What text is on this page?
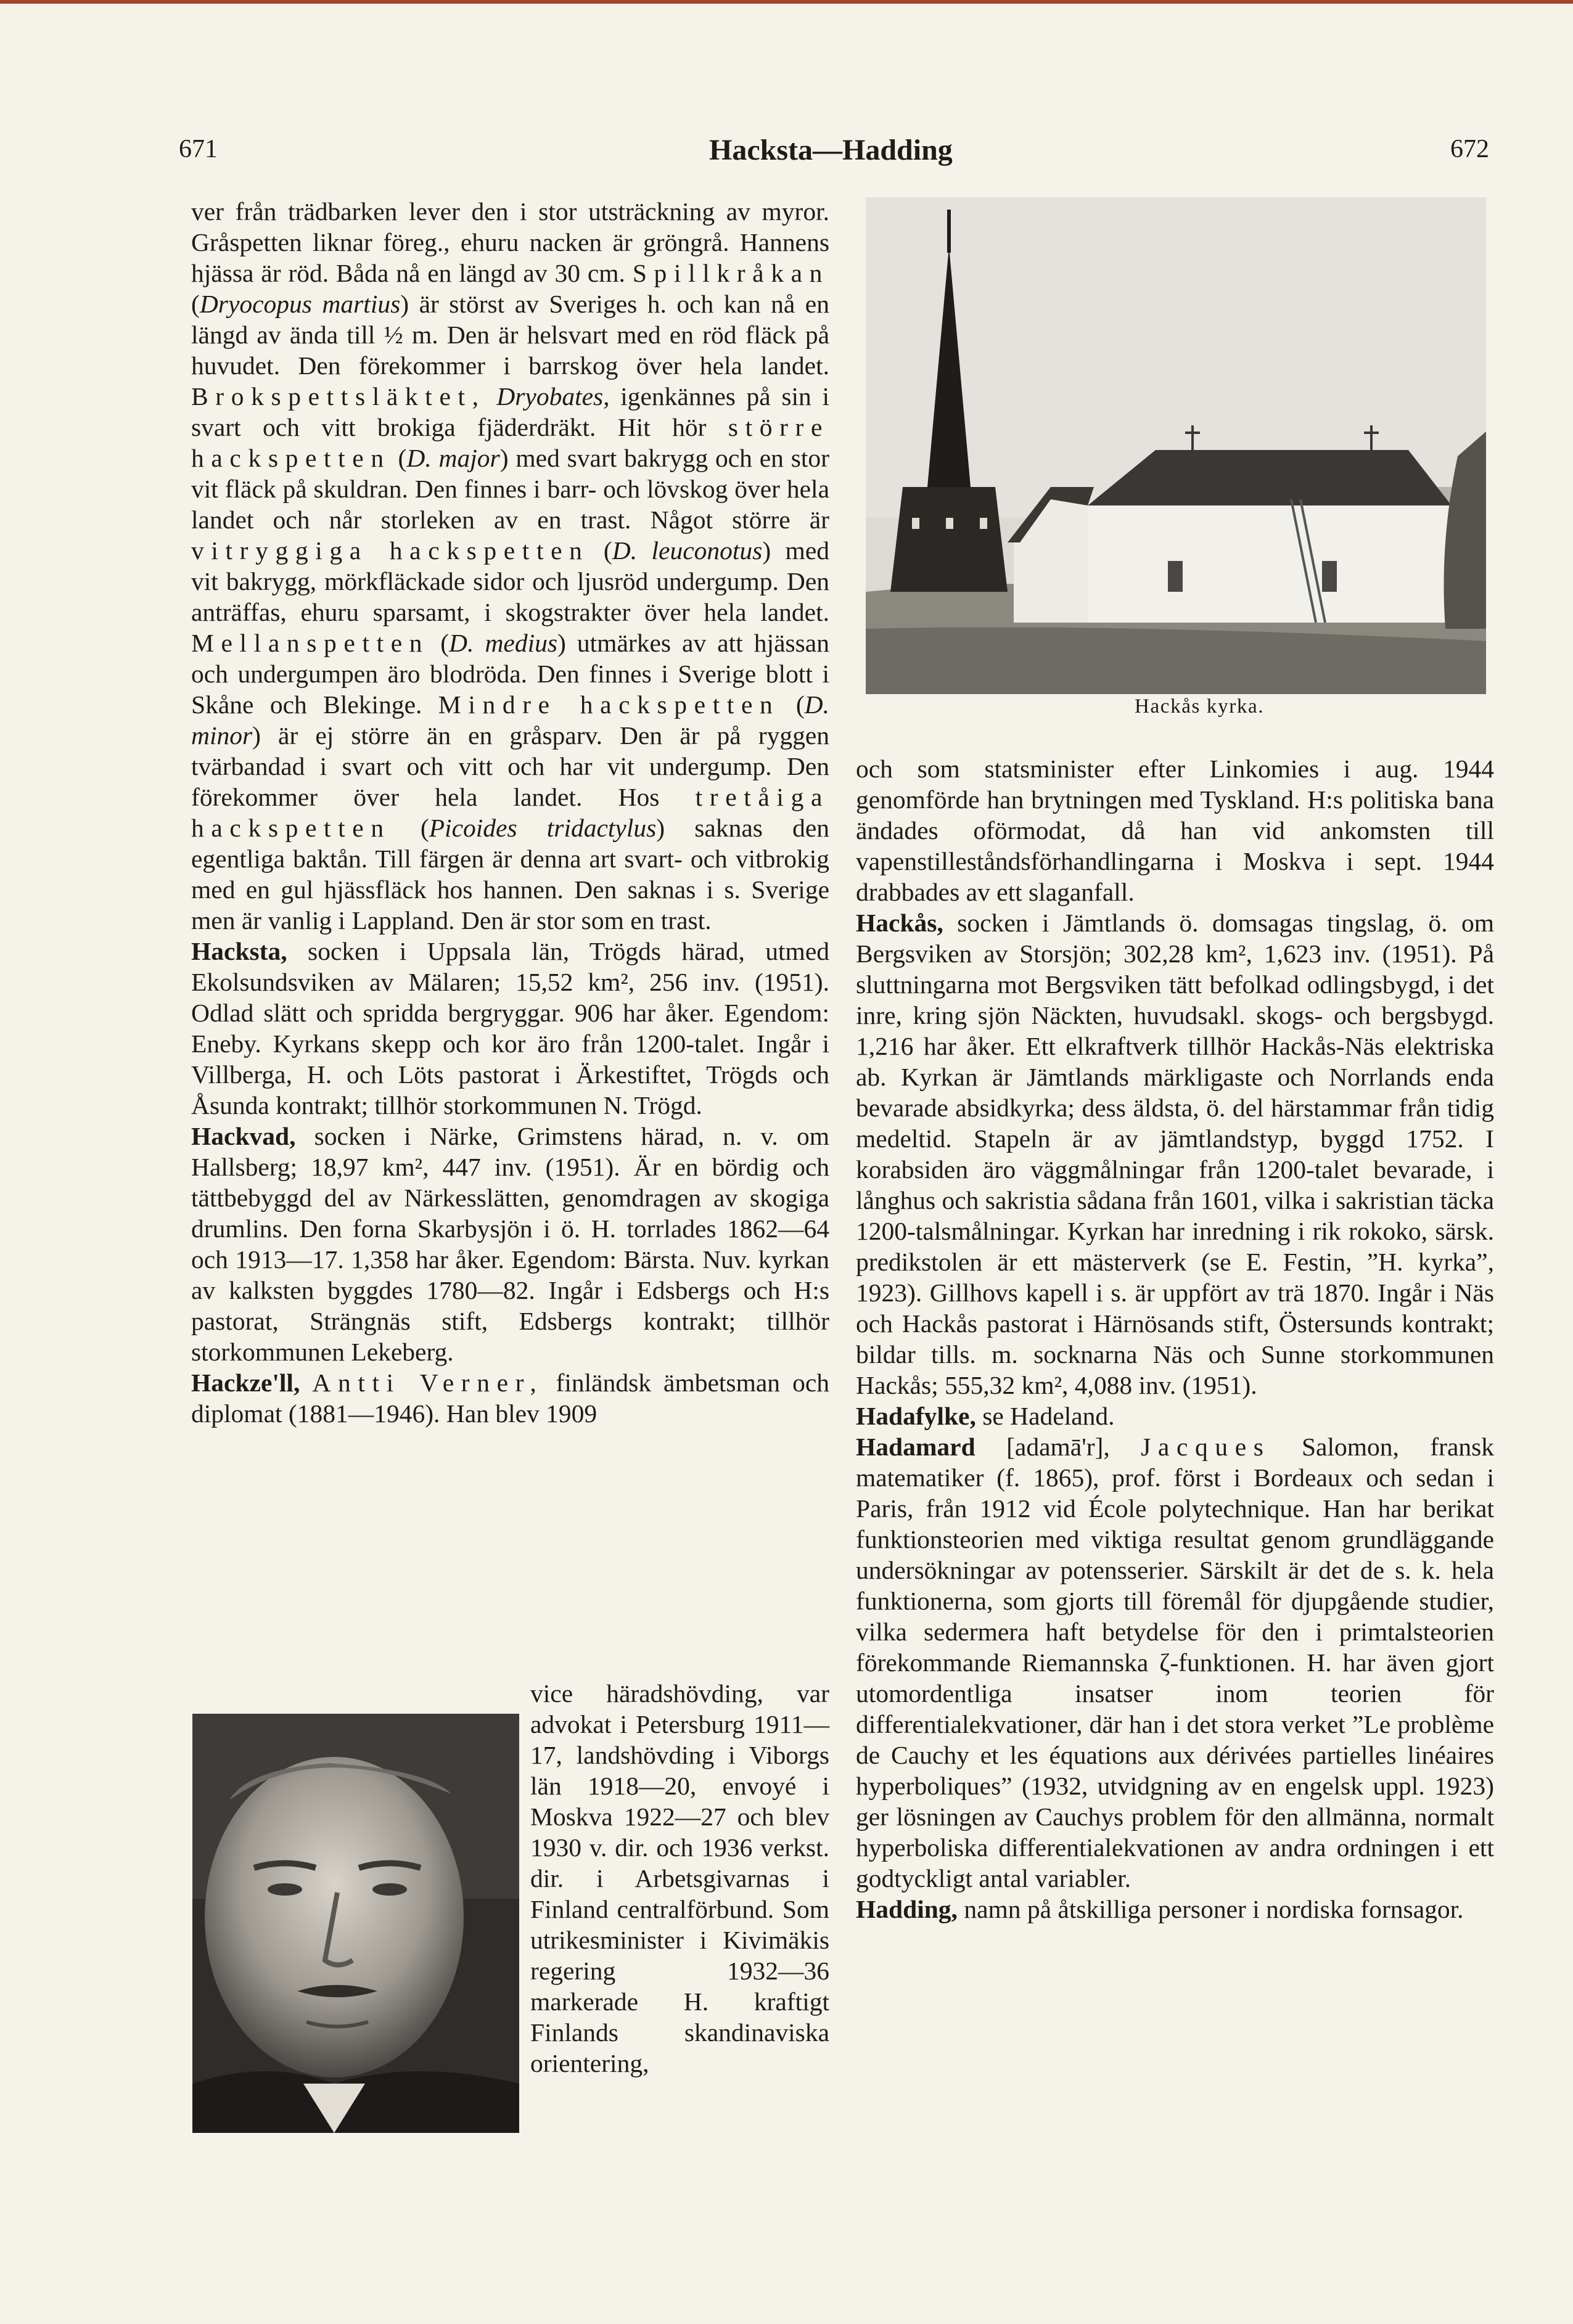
671	Hacksta—Hadding	672

ver från trädbarken lever den i stor utsträckning av myror. Gråspetten liknar föreg., ehuru nacken är gröngrå. Hannens hjässa är röd. Båda nå en längd av 30 cm. Spillkråkan (Dryocopus martius) är störst av Sveriges h. och kan nå en längd av ända till ½ m. Den är helsvart med en röd fläck på huvudet. Den förekommer i barrskog över hela landet. Brokspettsläktet, Dryobates, igenkännes på sin i svart och vitt brokiga fjäderdräkt. Hit hör större hackspetten (D. major) med svart bakrygg och en stor vit fläck på skuldran. Den finnes i barr- och lövskog över hela landet och når storleken av en trast. Något större är vitryggiga hackspetten (D. leuconotus) med vit bakrygg, mörkfläckade sidor och ljusröd undergump. Den anträffas, ehuru sparsamt, i skogstrakter över hela landet. Mellanspetten (D. medius) utmärkes av att hjässan och undergumpen äro blodröda. Den finnes i Sverige blott i Skåne och Blekinge. Mindre hackspetten (D. minor) är ej större än en gråsparv. Den är på ryggen tvärbandad i svart och vitt och har vit undergump. Den förekommer över hela landet. Hos tretåiga hackspetten (Picoides tridactylus) saknas den egentliga baktån. Till färgen är denna art svart- och vitbrokig med en gul hjässfläck hos hannen. Den saknas i s. Sverige men är vanlig i Lappland. Den är stor som en trast.

Hacksta, socken i Uppsala län, Trögds härad, utmed Ekolsundsviken av Mälaren; 15,52 km², 256 inv. (1951). Odlad slätt och spridda bergryggar. 906 har åker. Egendom: Eneby. Kyrkans skepp och kor äro från 1200-talet. Ingår i Villberga, H. och Löts pastorat i Ärkestiftet, Trögds och Åsunda kontrakt; tillhör storkommunen N. Trögd.

Hackvad, socken i Närke, Grimstens härad, n. v. om Hallsberg; 18,97 km², 447 inv. (1951). Är en bördig och tättbebyggd del av Närkesslätten, genomdragen av skogiga drumlins. Den forna Skarbysjön i ö. H. torrlades 1862—64 och 1913—17. 1,358 har åker. Egendom: Bärsta. Nuv. kyrkan av kalksten byggdes 1780—82. Ingår i Edsbergs och H:s pastorat, Strängnäs stift, Edsbergs kontrakt; tillhör storkommunen Lekeberg.

Hackze'll, Antti Verner, finländsk ämbetsman och diplomat (1881—1946). Han blev 1909

vice häradshövding, var advokat i Petersburg 1911—17, landshövding i Viborgs län 1918—20, envoyé i Moskva 1922—27 och blev 1930 v. dir. och 1936 verkst. dir. i Arbetsgivarnas i Finland centralförbund. Som utrikesminister i Kivimäkis regering 1932—36 markerade H. kraftigt Finlands skandinaviska orientering,

Hackås kyrka.

och som statsminister efter Linkomies i aug. 1944 genomförde han brytningen med Tyskland. H:s politiska bana ändades oförmodat, då han vid ankomsten till vapenstilleståndsförhandlingarna i Moskva i sept. 1944 drabbades av ett slaganfall.

Hackås, socken i Jämtlands ö. domsagas tingslag, ö. om Bergsviken av Storsjön; 302,28 km², 1,623 inv. (1951). På sluttningarna mot Bergsviken tätt befolkad odlingsbygd, i det inre, kring sjön Näckten, huvudsakl. skogs- och bergsbygd. 1,216 har åker. Ett elkraftverk tillhör Hackås-Näs elektriska ab. Kyrkan är Jämtlands märkligaste och Norrlands enda bevarade absidkyrka; dess äldsta, ö. del härstammar från tidig medeltid. Stapeln är av jämtlandstyp, byggd 1752. I korabsiden äro väggmålningar från 1200-talet bevarade, i långhus och sakristia sådana från 1601, vilka i sakristian täcka 1200-talsmålningar. Kyrkan har inredning i rik rokoko, särsk. predikstolen är ett mästerverk (se E. Festin, ”H. kyrka”, 1923). Gillhovs kapell i s. är uppfört av trä 1870. Ingår i Näs och Hackås pastorat i Härnösands stift, Östersunds kontrakt; bildar tills. m. socknarna Näs och Sunne storkommunen Hackås; 555,32 km², 4,088 inv. (1951).

Hadafylke, se Hadeland.

Hadamard [adamā'r], Jacques Salomon, fransk matematiker (f. 1865), prof. först i Bordeaux och sedan i Paris, från 1912 vid École polytechnique. Han har berikat funktionsteorien med viktiga resultat genom grundläggande undersökningar av potensserier. Särskilt är det de s. k. hela funktionerna, som gjorts till föremål för djupgående studier, vilka sedermera haft betydelse för den i primtalsteorien förekommande Riemannska ζ-funktionen. H. har även gjort utomordentliga insatser inom teorien för differentialekvationer, där han i det stora verket ”Le problème de Cauchy et les équations aux dérivées partielles linéaires hyperboliques” (1932, utvidgning av en engelsk uppl. 1923) ger lösningen av Cauchys problem för den allmänna, normalt hyperboliska differentialekvationen av andra ordningen i ett godtyckligt antal variabler.

Hadding, namn på åtskilliga personer i nordiska fornsagor.
